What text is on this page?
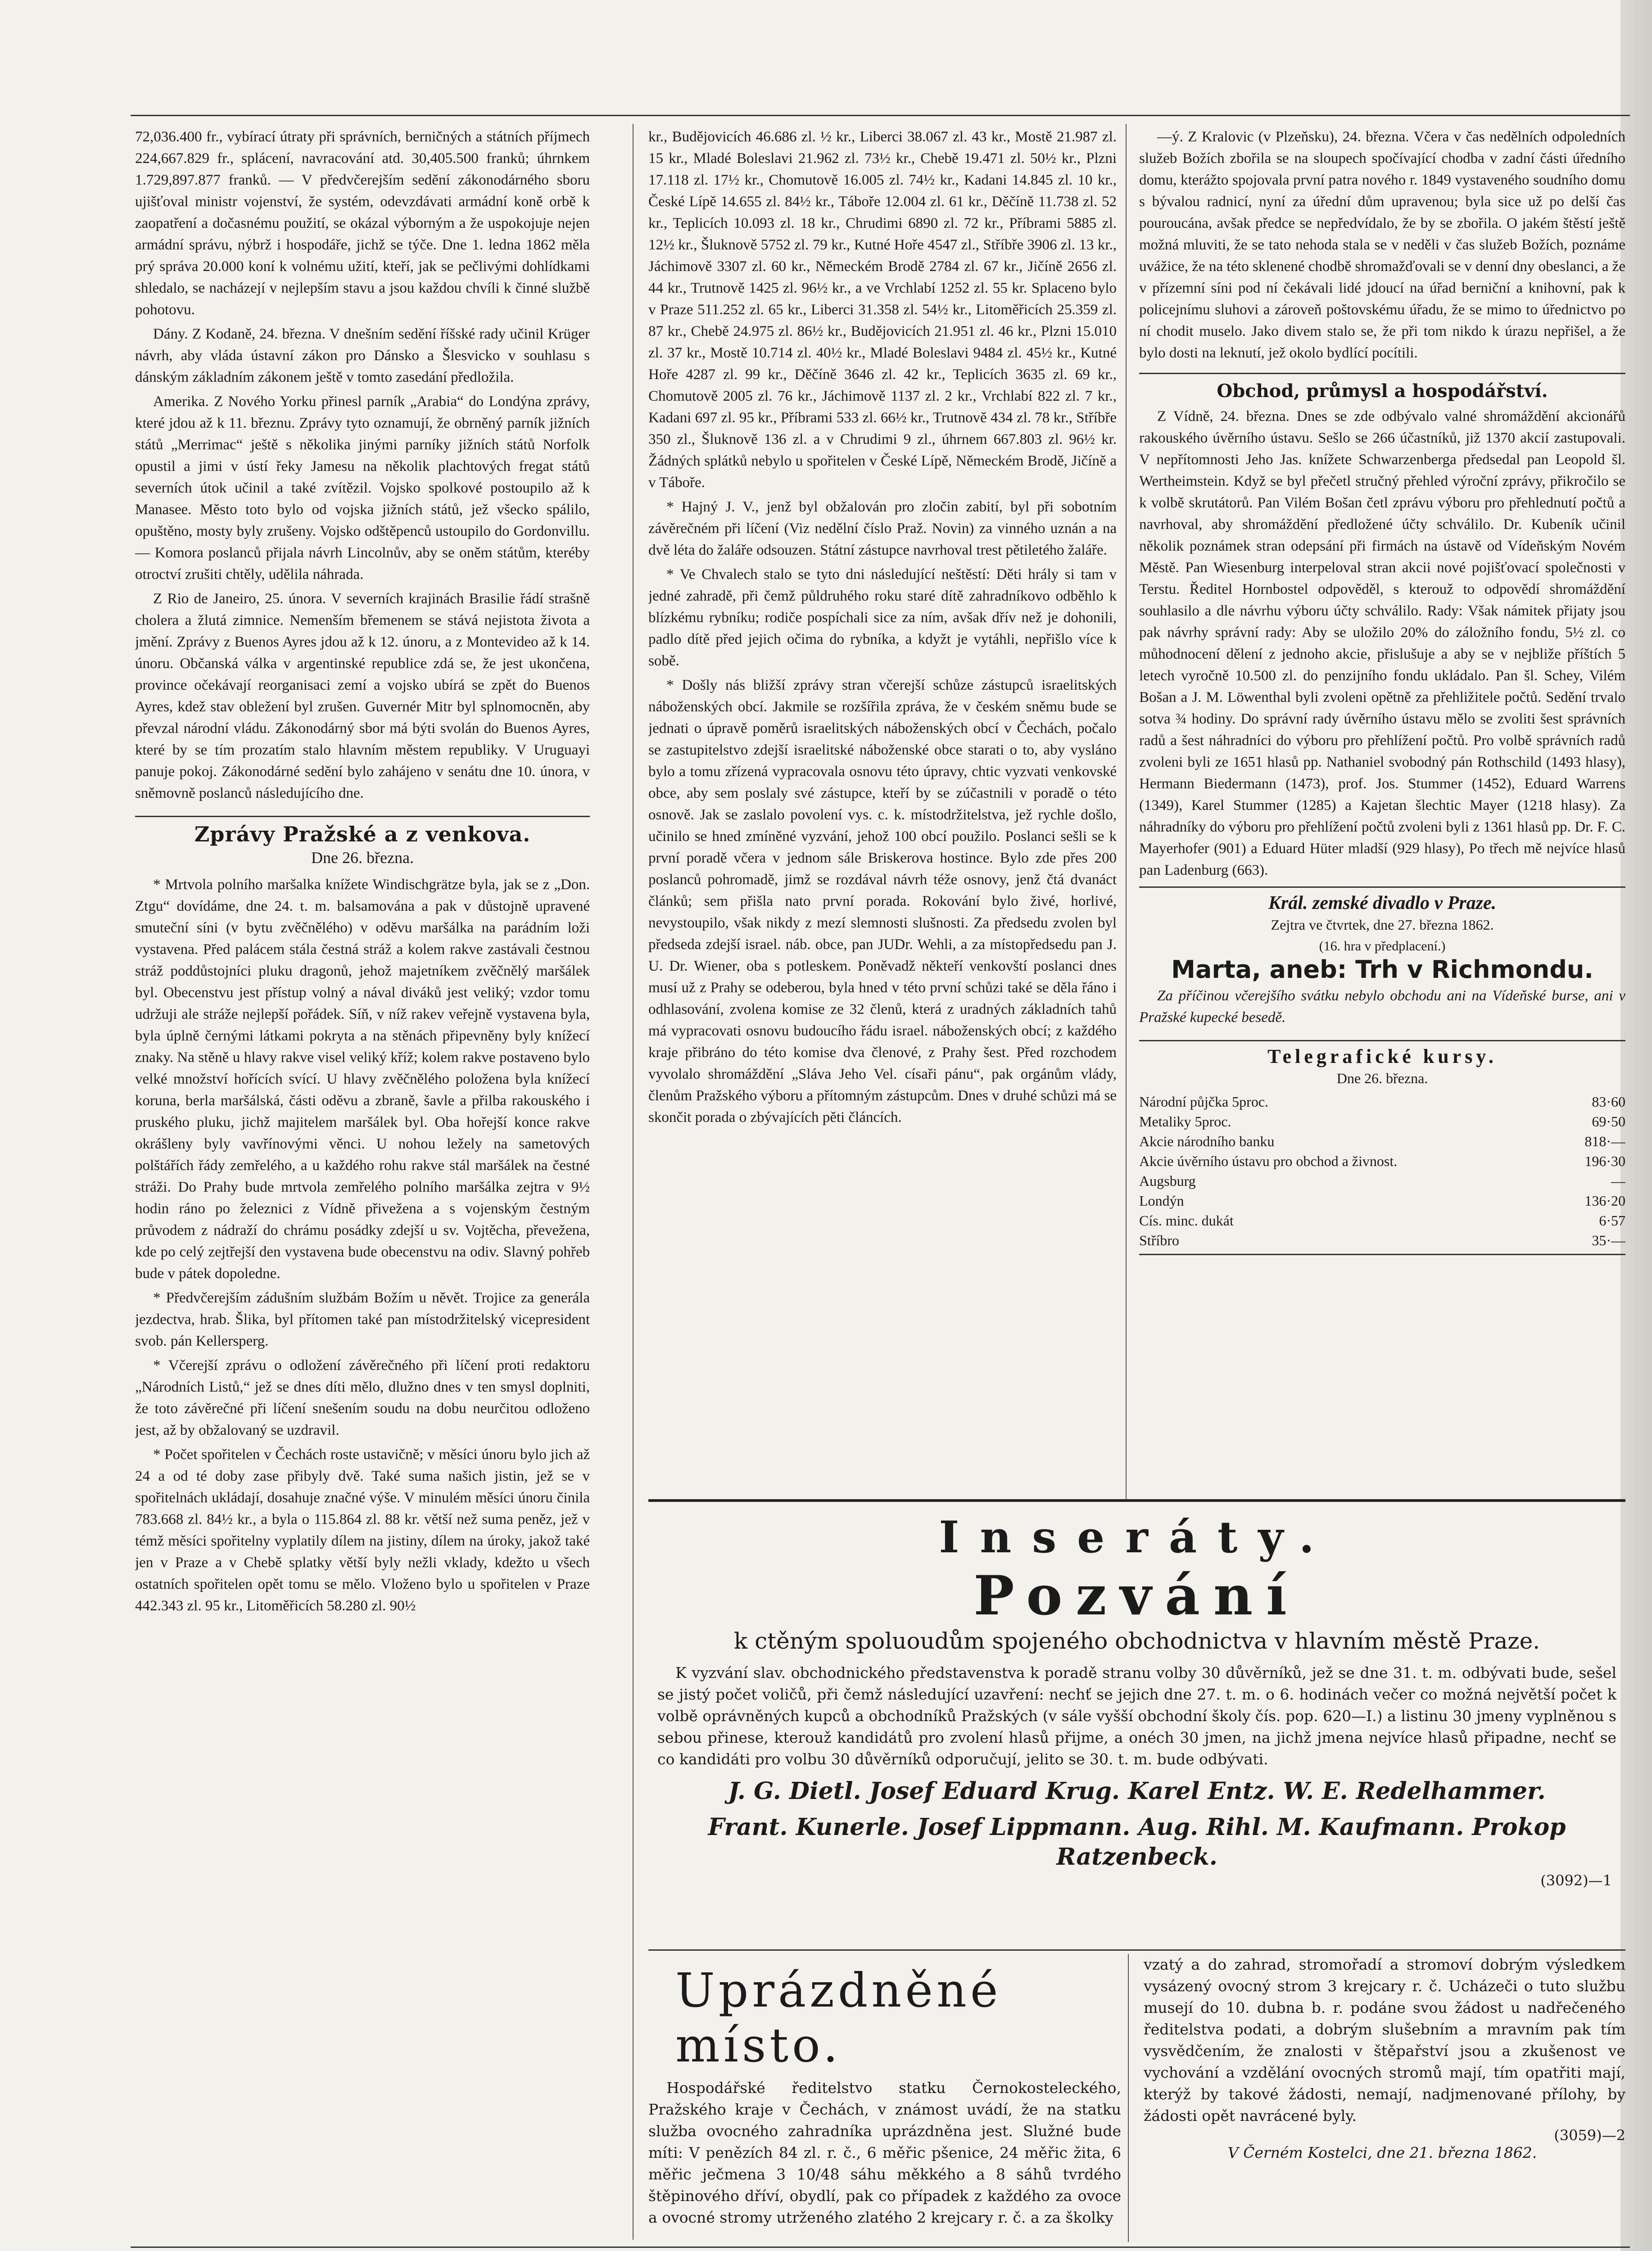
72,036.400 fr., vybírací útraty při správních, berničných a státních příjmech 224,667.829 fr., splácení, navracování atd. 30,405.500 franků; úhrnkem 1.729,897.877 franků. — V předvčerejším sedění zákonodárného sboru ujišťoval ministr vojenství, že systém, odevzdávati armádní koně orbě k zaopatření a dočasnému použití, se okázal výborným a že uspokojuje nejen armádní správu, nýbrž i hospodáře, jichž se týče. Dne 1. ledna 1862 měla prý správa 20.000 koní k volnému užití, kteří, jak se pečlivými dohlídkami shledalo, se nacházejí v nejlepším stavu a jsou každou chvíli k činné službě pohotovu.

Dány. Z Kodaně, 24. března. V dnešním sedění říšské rady učinil Krüger návrh, aby vláda ústavní zákon pro Dánsko a Šlesvicko v souhlasu s dánským základním zákonem ještě v tomto zasedání předložila.

Amerika. Z Nového Yorku přinesl parník „Arabia“ do Londýna zprávy, které jdou až k 11. březnu. Zprávy tyto oznamují, že obrněný parník jižních států „Merrimac“ ještě s několika jinými parníky jižních států Norfolk opustil a jimi v ústí řeky Jamesu na několik plachtových fregat států severních útok učinil a také zvítězil. Vojsko spolkové postoupilo až k Manasee. Město toto bylo od vojska jižních států, jež všecko spálilo, opuštěno, mosty byly zrušeny. Vojsko odštěpenců ustoupilo do Gordonvillu. — Komora poslanců přijala návrh Lincolnův, aby se oněm státům, kteréby otroctví zrušiti chtěly, udělila náhrada.

Z Rio de Janeiro, 25. února. V severních krajinách Brasilie řádí strašně cholera a žlutá zimnice. Nemenším břemenem se stává nejistota života a jmění. Zprávy z Buenos Ayres jdou až k 12. únoru, a z Montevideo až k 14. únoru. Občanská válka v argentinské republice zdá se, že jest ukončena, province očekávají reorganisaci zemí a vojsko ubírá se zpět do Buenos Ayres, kdež stav obležení byl zrušen. Guvernér Mitr byl splnomocněn, aby převzal národní vládu. Zákonodárný sbor má býti svolán do Buenos Ayres, které by se tím prozatím stalo hlavním městem republiky. V Uruguayi panuje pokoj. Zákonodárné sedění bylo zahájeno v senátu dne 10. února, v sněmovně poslanců následujícího dne.

Zprávy Pražské a z venkova.
Dne 26. března.

* Mrtvola polního maršalka knížete Windischgrätze byla, jak se z „Don. Ztgu“ dovídáme, dne 24. t. m. balsamována a pak v důstojně upravené smuteční síni (v bytu zvěčnělého) v oděvu maršálka na parádním loži vystavena. Před palácem stála čestná stráž a kolem rakve zastávali čestnou stráž poddůstojníci pluku dragonů, jehož majetníkem zvěčnělý maršálek byl. Obecenstvu jest přístup volný a nával diváků jest veliký; vzdor tomu udržuji ale stráže nejlepší pořádek. Síň, v níž rakev veřejně vystavena byla, byla úplně černými látkami pokryta a na stěnách připevněny byly knížecí znaky. Na stěně u hlavy rakve visel veliký kříž; kolem rakve postaveno bylo velké množství hořících svící. U hlavy zvěčnělého položena byla knížecí koruna, berla maršálská, části oděvu a zbraně, šavle a přilba rakouského i pruského pluku, jichž majitelem maršálek byl. Oba hořejší konce rakve okrášleny byly vavřínovými věnci. U nohou ležely na sametových polštářích řády zemřelého, a u každého rohu rakve stál maršálek na čestné stráži. Do Prahy bude mrtvola zemřelého polního maršálka zejtra v 9½ hodin ráno po železnici z Vídně přivežena a s vojenským čestným průvodem z nádraží do chrámu posádky zdejší u sv. Vojtěcha, převežena, kde po celý zejtřejší den vystavena bude obecenstvu na odiv. Slavný pohřeb bude v pátek dopoledne.

* Předvčerejším zádušním službám Božím u něvět. Trojice za generála jezdectva, hrab. Šlika, byl přítomen také pan místodržitelský vicepresident svob. pán Kellersperg.

* Včerejší zprávu o odložení závěrečného při líčení proti redaktoru „Národních Listů,“ jež se dnes díti mělo, dlužno dnes v ten smysl doplniti, že toto závěrečné při líčení snešením soudu na dobu neurčitou odloženo jest, až by obžalovaný se uzdravil.

* Počet spořitelen v Čechách roste ustavičně; v měsíci únoru bylo jich až 24 a od té doby zase přibyly dvě. Také suma našich jistin, jež se v spořitelnách ukládají, dosahuje značné výše. V minulém měsíci únoru činila 783.668 zl. 84½ kr., a byla o 115.864 zl. 88 kr. větší než suma peněz, jež v témž měsíci spořitelny vyplatily dílem na jistiny, dílem na úroky, jakož také jen v Praze a v Chebě splatky větší byly nežli vklady, kdežto u všech ostatních spořitelen opět tomu se mělo. Vloženo bylo u spořitelen v Praze 442.343 zl. 95 kr., Litoměřicích 58.280 zl. 90½

kr., Budějovicích 46.686 zl. ½ kr., Liberci 38.067 zl. 43 kr., Mostě 21.987 zl. 15 kr., Mladé Boleslavi 21.962 zl. 73½ kr., Chebě 19.471 zl. 50½ kr., Plzni 17.118 zl. 17½ kr., Chomutově 16.005 zl. 74½ kr., Kadani 14.845 zl. 10 kr., České Lípě 14.655 zl. 84½ kr., Táboře 12.004 zl. 61 kr., Děčíně 11.738 zl. 52 kr., Teplicích 10.093 zl. 18 kr., Chrudimi 6890 zl. 72 kr., Příbrami 5885 zl. 12½ kr., Šluknově 5752 zl. 79 kr., Kutné Hoře 4547 zl., Stříbře 3906 zl. 13 kr., Jáchimově 3307 zl. 60 kr., Německém Brodě 2784 zl. 67 kr., Jičíně 2656 zl. 44 kr., Trutnově 1425 zl. 96½ kr., a ve Vrchlabí 1252 zl. 55 kr. Splaceno bylo v Praze 511.252 zl. 65 kr., Liberci 31.358 zl. 54½ kr., Litoměřicích 25.359 zl. 87 kr., Chebě 24.975 zl. 86½ kr., Budějovicích 21.951 zl. 46 kr., Plzni 15.010 zl. 37 kr., Mostě 10.714 zl. 40½ kr., Mladé Boleslavi 9484 zl. 45½ kr., Kutné Hoře 4287 zl. 99 kr., Děčíně 3646 zl. 42 kr., Teplicích 3635 zl. 69 kr., Chomutově 2005 zl. 76 kr., Jáchimově 1137 zl. 2 kr., Vrchlabí 822 zl. 7 kr., Kadani 697 zl. 95 kr., Příbrami 533 zl. 66½ kr., Trutnově 434 zl. 78 kr., Stříbře 350 zl., Šluknově 136 zl. a v Chrudimi 9 zl., úhrnem 667.803 zl. 96½ kr. Žádných splátků nebylo u spořitelen v České Lípě, Německém Brodě, Jičíně a v Táboře.

* Hajný J. V., jenž byl obžalován pro zločin zabití, byl při sobotním závěrečném při líčení (Viz nedělní číslo Praž. Novin) za vinného uznán a na dvě léta do žaláře odsouzen. Státní zástupce navrhoval trest pětiletého žaláře.

* Ve Chvalech stalo se tyto dni následující neštěstí: Děti hrály si tam v jedné zahradě, při čemž půldruhého roku staré dítě zahradníkovo odběhlo k blízkému rybníku; rodiče pospíchali sice za ním, avšak dřív než je dohonili, padlo dítě před jejich očima do rybníka, a kdyžt je vytáhli, nepřišlo více k sobě.

* Došly nás bližší zprávy stran včerejší schůze zástupců israelitských náboženských obcí. Jakmile se rozšířila zpráva, že v českém sněmu bude se jednati o úpravě poměrů israelitských náboženských obcí v Čechách, počalo se zastupitelstvo zdejší israelitské náboženské obce starati o to, aby vysláno bylo a tomu zřízená vypracovala osnovu této úpravy, chtic vyzvati venkovské obce, aby sem poslaly své zástupce, kteří by se zúčastnili v poradě o této osnově. Jak se zaslalo povolení vys. c. k. místodržitelstva, jež rychle došlo, učinilo se hned zmíněné vyzvání, jehož 100 obcí použilo. Poslanci sešli se k první poradě včera v jednom sále Briskerova hostince. Bylo zde přes 200 poslanců pohromadě, jimž se rozdával návrh téže osnovy, jenž čtá dvanáct článků; sem přišla nato první porada. Rokování bylo živé, horlivé, nevystoupilo, však nikdy z mezí slemnosti slušnosti. Za předsedu zvolen byl předseda zdejší israel. náb. obce, pan JUDr. Wehli, a za místopředsedu pan J. U. Dr. Wiener, oba s potleskem. Poněvadž někteří venkovští poslanci dnes musí už z Prahy se odeberou, byla hned v této první schůzi také se děla řáno i odhlasování, zvolena komise ze 32 členů, která z uradných základních tahů má vypracovati osnovu budoucího řádu israel. náboženských obcí; z každého kraje přibráno do této komise dva členové, z Prahy šest. Před rozchodem vyvolalo shromáždění „Sláva Jeho Vel. císaři pánu“, pak orgánům vlády, členům Pražského výboru a přítomným zástupcům. Dnes v druhé schůzi má se skončit porada o zbývajících pěti článcích.

—ý. Z Kralovic (v Plzeňsku), 24. března. Včera v čas nedělních odpoledních služeb Božích zbořila se na sloupech spočívající chodba v zadní části úředního domu, kterážto spojovala první patra nového r. 1849 vystaveného soudního domu s bývalou radnicí, nyní za úřední dům upravenou; byla sice už po delší čas pouroucána, avšak předce se nepředvídalo, že by se zbořila. O jakém štěstí ještě možná mluviti, že se tato nehoda stala se v neděli v čas služeb Božích, poznáme uvážice, že na této sklenené chodbě shromažďovali se v denní dny obeslanci, a že v přízemní síni pod ní čekávali lidé jdoucí na úřad berniční a knihovní, pak k policejnímu sluhovi a zároveň poštovskému úřadu, že se mimo to úřednictvo po ní chodit muselo. Jako divem stalo se, že při tom nikdo k úrazu nepřišel, a že bylo dosti na leknutí, jež okolo bydlící pocítili.

Obchod, průmysl a hospodářství.

Z Vídně, 24. března. Dnes se zde odbývalo valné shromáždění akcionářů rakouského úvěrního ústavu. Sešlo se 266 účastníků, již 1370 akcií zastupovali. V nepřítomnosti Jeho Jas. knížete Schwarzenberga předsedal pan Leopold šl. Wertheimstein. Když se byl přečetl stručný přehled výroční zprávy, přikročilo se k volbě skrutátorů. Pan Vilém Bošan četl zprávu výboru pro přehlednutí počtů a navrhoval, aby shromáždění předložené účty schválilo. Dr. Kubeník učinil několik poznámek stran odepsání při firmách na ústavě od Vídeňským Novém Městě. Pan Wiesenburg interpeloval stran akcii nové pojišťovací společnosti v Terstu. Ředitel Hornbostel odpověděl, s kterouž to odpovědí shromáždění souhlasilo a dle návrhu výboru účty schválilo. Rady: Však námitek přijaty jsou pak návrhy správní rady: Aby se uložilo 20% do záložního fondu, 5½ zl. co můhodnocení dělení z jednoho akcie, přislušuje a aby se v nejbliže příštích 5 letech vyročně 10.500 zl. do penzijního fondu ukládalo. Pan šl. Schey, Vilém Bošan a J. M. Löwenthal byli zvoleni opětně za přehližitele počtů. Sedění trvalo sotva ¾ hodiny. Do správní rady úvěrního ústavu mělo se zvoliti šest správních radů a šest náhradníci do výboru pro přehlížení počtů. Pro volbě správních radů zvoleni byli ze 1651 hlasů pp. Nathaniel svobodný pán Rothschild (1493 hlasy), Hermann Biedermann (1473), prof. Jos. Stummer (1452), Eduard Warrens (1349), Karel Stummer (1285) a Kajetan šlechtic Mayer (1218 hlasy). Za náhradníky do výboru pro přehlížení počtů zvoleni byli z 1361 hlasů pp. Dr. F. C. Mayerhofer (901) a Eduard Hüter mladší (929 hlasy), Po třech mě nejvíce hlasů pan Ladenburg (663).

Král. zemské divadlo v Praze.
Zejtra ve čtvrtek, dne 27. března 1862.
(16. hra v předplacení.)
Marta, aneb: Trh v Richmondu.

Za příčinou včerejšího svátku nebylo obchodu ani na Vídeňské burse, ani v Pražské kupecké besedě.

Telegrafické kursy.
Dne 26. března.
Národní půjčka 5proc.	83·60
Metaliky 5proc.	69·50
Akcie národního banku	818·—
Akcie úvěrního ústavu pro obchod a živnost.	196·30
Augsburg	—
Londýn	136·20
Cís. minc. dukát	6·57
Stříbro	35·—
Inseráty.
Pozvání
k ctěným spoluoudům spojeného obchodnictva v hlavním městě Praze.

K vyzvání slav. obchodnického představenstva k poradě stranu volby 30 důvěrníků, jež se dne 31. t. m. odbývati bude, sešel se jistý počet voličů, při čemž následující uzavření: nechť se jejich dne 27. t. m. o 6. hodinách večer co možná největší počet k volbě oprávněných kupců a obchodníků Pražských (v sále vyšší obchodní školy čís. pop. 620—I.) a listinu 30 jmeny vyplněnou s sebou přinese, kterouž kandidátů pro zvolení hlasů přijme, a onéch 30 jmen, na jichž jmena nejvíce hlasů připadne, nechť se co kandidáti pro volbu 30 důvěrníků odporučují, jelito se 30. t. m. bude odbývati.

J. G. Dietl. Josef Eduard Krug. Karel Entz. W. E. Redelhammer.
Frant. Kunerle. Josef Lippmann. Aug. Rihl. M. Kaufmann. Prokop Ratzenbeck.
(3092)—1
Uprázdněné místo.

Hospodářské ředitelstvo statku Černokosteleckého, Pražského kraje v Čechách, v známost uvádí, že na statku služba ovocného zahradníka uprázdněna jest. Služné bude míti: V penězích 84 zl. r. č., 6 měřic pšenice, 24 měřic žita, 6 měřic ječmena 3 10/48 sáhu měkkého a 8 sáhů tvrdého štěpinového dříví, obydlí, pak co případek z každého za ovoce a ovocné stromy utrženého zlatého 2 krejcary r. č. a za školky

vzatý a do zahrad, stromořadí a stromoví dobrým výsledkem vysázený ovocný strom 3 krejcary r. č. Ucházeči o tuto službu musejí do 10. dubna b. r. podáne svou žádost u nadřečeného ředitelstva podati, a dobrým slušebním a mravním pak tím vysvědčením, že znalosti v štěpařství jsou a zkušenost ve vychování a vzdělání ovocných stromů mají, tím opatřiti mají, kterýž by takové žádosti, nemají, nadjmenované přílohy, by žádosti opět navrácené byly.

(3059)—2
V Černém Kostelci, dne 21. března 1862.
